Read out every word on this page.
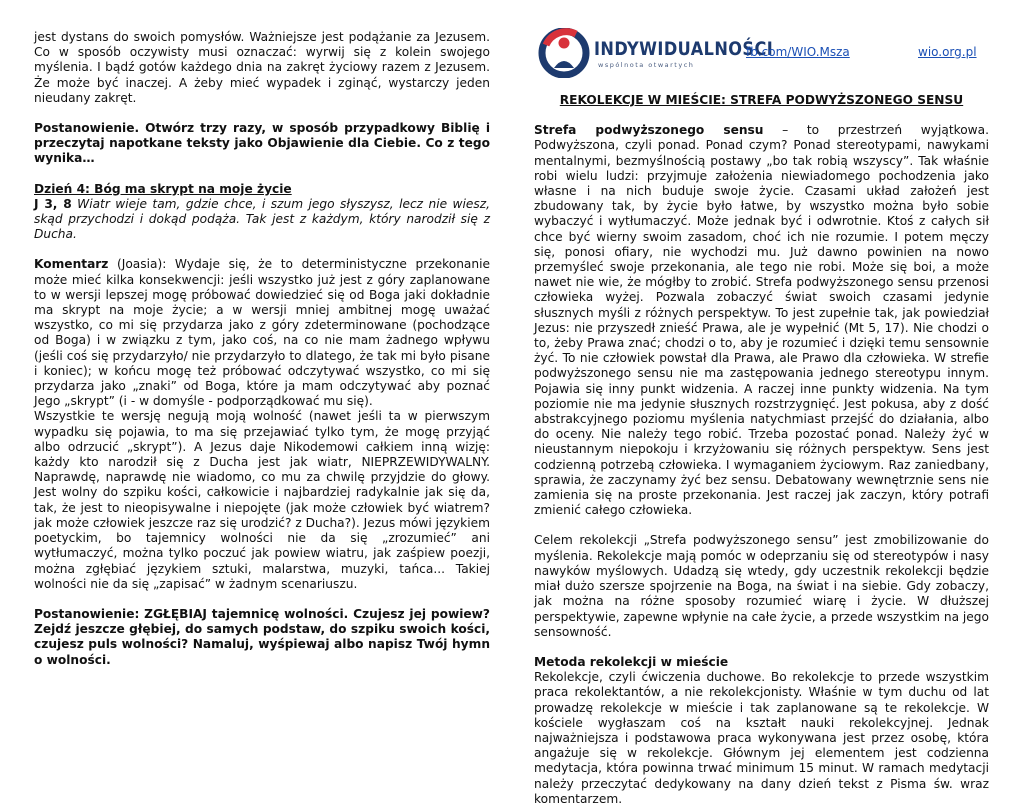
jest dystans do swoich pomysłów. Ważniejsze jest podążanie za Jezusem. Co w sposób oczywisty musi oznaczać: wyrwij się z kolein swojego myślenia. I bądź gotów każdego dnia na zakręt życiowy razem z Jezusem. Że może być inaczej. A żeby mieć wypadek i zginąć, wystarczy jeden nieudany zakręt.

Postanowienie. Otwórz trzy razy, w sposób przypadkowy Biblię i przeczytaj napotkane teksty jako Objawienie dla Ciebie. Co z tego wynika…

Dzień 4: Bóg ma skrypt na moje życie

J 3, 8 Wiatr wieje tam, gdzie chce, i szum jego słyszysz, lecz nie wiesz, skąd przychodzi i dokąd podąża. Tak jest z każdym, który narodził się z Ducha.

Komentarz (Joasia): Wydaje się, że to deterministyczne przekonanie może mieć kilka konsekwencji: jeśli wszystko już jest z góry zaplanowane to w wersji lepszej mogę próbować dowiedzieć się od Boga jaki dokładnie ma skrypt na moje życie; a w wersji mniej ambitnej mogę uważać wszystko, co mi się przydarza jako z góry zdeterminowane (pochodzące od Boga) i w związku z tym, jako coś, na co nie mam żadnego wpływu (jeśli coś się przydarzyło/ nie przydarzyło to dlatego, że tak mi było pisane i koniec); w końcu mogę też próbować odczytywać wszystko, co mi się przydarza jako „znaki” od Boga, które ja mam odczytywać aby poznać Jego „skrypt” (i - w domyśle - podporządkować mu się).

Wszystkie te wersję negują moją wolność (nawet jeśli ta w pierwszym wypadku się pojawia, to ma się przejawiać tylko tym, że mogę przyjąć albo odrzucić „skrypt”). A Jezus daje Nikodemowi całkiem inną wizję: każdy kto narodził się z Ducha jest jak wiatr, NIEPRZEWIDYWALNY. Naprawdę, naprawdę nie wiadomo, co mu za chwilę przyjdzie do głowy. Jest wolny do szpiku kości, całkowicie i najbardziej radykalnie jak się da, tak, że jest to nieopisywalne i niepojęte (jak może człowiek być wiatrem? jak może człowiek jeszcze raz się urodzić? z Ducha?). Jezus mówi językiem poetyckim, bo tajemnicy wolności nie da się „zrozumieć” ani wytłumaczyć, można tylko poczuć jak powiew wiatru, jak zaśpiew poezji, można zgłębiać językiem sztuki, malarstwa, muzyki, tańca... Takiej wolności nie da się „zapisać” w żadnym scenariuszu.

Postanowienie: ZGŁĘBIAJ tajemnicę wolności. Czujesz jej powiew? Zejdź jeszcze głębiej, do samych podstaw, do szpiku swoich kości, czujesz puls wolności? Namaluj, wyśpiewaj albo napisz Twój hymn o wolności.

INDYWIDUALNOŚCI
wspólnota otwartych
fb.com/WIO.Msza	wio.org.pl

REKOLEKCJE W MIEŚCIE: STREFA PODWYŻSZONEGO SENSU

Strefa podwyższonego sensu – to przestrzeń wyjątkowa. Podwyższona, czyli ponad. Ponad czym? Ponad stereotypami, nawykami mentalnymi, bezmyślnością postawy „bo tak robią wszyscy”. Tak właśnie robi wielu ludzi: przyjmuje założenia niewiadomego pochodzenia jako własne i na nich buduje swoje życie. Czasami układ założeń jest zbudowany tak, by życie było łatwe, by wszystko można było sobie wybaczyć i wytłumaczyć. Może jednak być i odwrotnie. Ktoś z całych sił chce być wierny swoim zasadom, choć ich nie rozumie. I potem męczy się, ponosi ofiary, nie wychodzi mu. Już dawno powinien na nowo przemyśleć swoje przekonania, ale tego nie robi. Może się boi, a może nawet nie wie, że mógłby to zrobić. Strefa podwyższonego sensu przenosi człowieka wyżej. Pozwala zobaczyć świat swoich czasami jedynie słusznych myśli z różnych perspektyw. To jest zupełnie tak, jak powiedział Jezus: nie przyszedł znieść Prawa, ale je wypełnić (Mt 5, 17). Nie chodzi o to, żeby Prawa znać; chodzi o to, aby je rozumieć i dzięki temu sensownie żyć. To nie człowiek powstał dla Prawa, ale Prawo dla człowieka. W strefie podwyższonego sensu nie ma zastępowania jednego stereotypu innym. Pojawia się inny punkt widzenia. A raczej inne punkty widzenia. Na tym poziomie nie ma jedynie słusznych rozstrzygnięć. Jest pokusa, aby z dość abstrakcyjnego poziomu myślenia natychmiast przejść do działania, albo do oceny. Nie należy tego robić. Trzeba pozostać ponad. Należy żyć w nieustannym niepokoju i krzyżowaniu się różnych perspektyw. Sens jest codzienną potrzebą człowieka. I wymaganiem życiowym. Raz zaniedbany, sprawia, że zaczynamy żyć bez sensu. Debatowany wewnętrznie sens nie zamienia się na proste przekonania. Jest raczej jak zaczyn, który potrafi zmienić całego człowieka.

Celem rekolekcji „Strefa podwyższonego sensu” jest zmobilizowanie do myślenia. Rekolekcje mają pomóc w odeprzaniu się od stereotypów i nasy nawyków myślowych. Udadzą się wtedy, gdy uczestnik rekolekcji będzie miał dużo szersze spojrzenie na Boga, na świat i na siebie. Gdy zobaczy, jak można na różne sposoby rozumieć wiarę i życie. W dłuższej perspektywie, zapewne wpłynie na całe życie, a przede wszystkim na jego sensowność.

Metoda rekolekcji w mieście

Rekolekcje, czyli ćwiczenia duchowe. Bo rekolekcje to przede wszystkim praca rekolektantów, a nie rekolekcjonisty. Właśnie w tym duchu od lat prowadzę rekolekcje w mieście i tak zaplanowane są te rekolekcje. W kościele wygłaszam coś na kształt nauki rekolekcyjnej. Jednak najważniejsza i podstawowa praca wykonywana jest przez osobę, która angażuje się w rekolekcje. Głównym jej elementem jest codzienna medytacja, która powinna trwać minimum 15 minut. W ramach medytacji należy przeczytać dedykowany na dany dzień tekst z Pisma św. wraz komentarzem.
